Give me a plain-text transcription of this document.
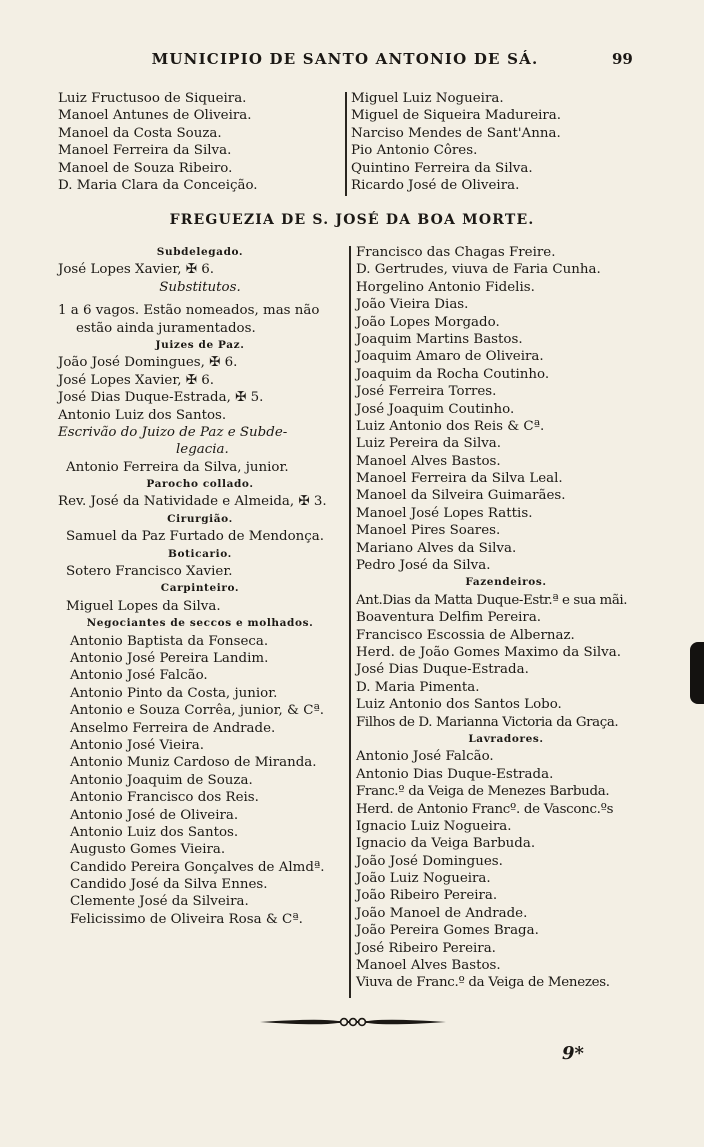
MUNICIPIO DE SANTO ANTONIO DE SÁ.	99
Luiz Fructusoo de Siqueira.
Manoel Antunes de Oliveira.
Manoel da Costa Souza.
Manoel Ferreira da Silva.
Manoel de Souza Ribeiro.
D. Maria Clara da Conceição.
Miguel Luiz Nogueira.
Miguel de Siqueira Madureira.
Narciso Mendes de Sant'Anna.
Pio Antonio Côres.
Quintino Ferreira da Silva.
Ricardo José de Oliveira.
FREGUEZIA DE S. JOSÉ DA BOA MORTE.
Subdelegado.
José Lopes Xavier, ✠ 6.
Substitutos.
1 a 6 vagos. Estão nomeados, mas não
estão ainda juramentados.
Juizes de Paz.
João José Domingues, ✠ 6.
José Lopes Xavier, ✠ 6.
José Dias Duque-Estrada, ✠ 5.
Antonio Luiz dos Santos.
Escrivão do Juizo de Paz e Subde-
legacia.
Antonio Ferreira da Silva, junior.
Parocho collado.
Rev. José da Natividade e Almeida, ✠ 3.
Cirurgião.
Samuel da Paz Furtado de Mendonça.
Boticario.
Sotero Francisco Xavier.
Carpinteiro.
Miguel Lopes da Silva.
Negociantes de seccos e molhados.
Antonio Baptista da Fonseca.
Antonio José Pereira Landim.
Antonio José Falcão.
Antonio Pinto da Costa, junior.
Antonio e Souza Corrêa, junior, & Cª.
Anselmo Ferreira de Andrade.
Antonio José Vieira.
Antonio Muniz Cardoso de Miranda.
Antonio Joaquim de Souza.
Antonio Francisco dos Reis.
Antonio José de Oliveira.
Antonio Luiz dos Santos.
Augusto Gomes Vieira.
Candido Pereira Gonçalves de Almdª.
Candido José da Silva Ennes.
Clemente José da Silveira.
Felicissimo de Oliveira Rosa & Cª.
Francisco das Chagas Freire.
D. Gertrudes, viuva de Faria Cunha.
Horgelino Antonio Fidelis.
João Vieira Dias.
João Lopes Morgado.
Joaquim Martins Bastos.
Joaquim Amaro de Oliveira.
Joaquim da Rocha Coutinho.
José Ferreira Torres.
José Joaquim Coutinho.
Luiz Antonio dos Reis & Cª.
Luiz Pereira da Silva.
Manoel Alves Bastos.
Manoel Ferreira da Silva Leal.
Manoel da Silveira Guimarães.
Manoel José Lopes Rattis.
Manoel Pires Soares.
Mariano Alves da Silva.
Pedro José da Silva.
Fazendeiros.
Ant.Dias da Matta Duque-Estr.ª e sua mãi.
Boaventura Delfim Pereira.
Francisco Escossia de Albernaz.
Herd. de João Gomes Maximo da Silva.
José Dias Duque-Estrada.
D. Maria Pimenta.
Luiz Antonio dos Santos Lobo.
Filhos de D. Marianna Victoria da Graça.
Lavradores.
Antonio José Falcão.
Antonio Dias Duque-Estrada.
Franc.º da Veiga de Menezes Barbuda.
Herd. de Antonio Francº. de Vasconc.ºs
Ignacio Luiz Nogueira.
Ignacio da Veiga Barbuda.
João José Domingues.
João Luiz Nogueira.
João Ribeiro Pereira.
João Manoel de Andrade.
João Pereira Gomes Braga.
José Ribeiro Pereira.
Manoel Alves Bastos.
Viuva de Franc.º da Veiga de Menezes.
9*
